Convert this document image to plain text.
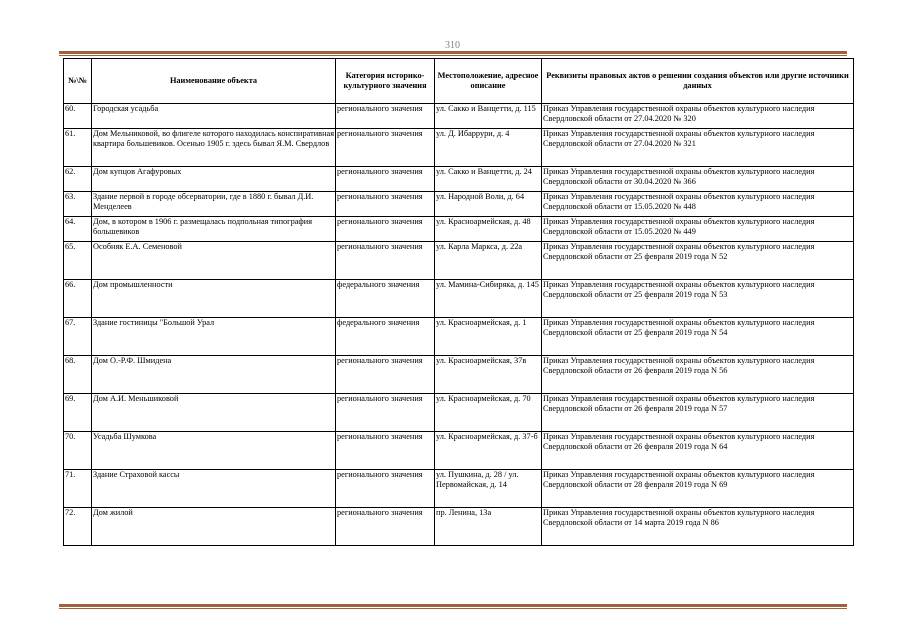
310
№\№	Наименование объекта	Категория историко-культурного значения	Местоположение, адресное описание	Реквизиты правовых актов о решении создания объектов или другие источники данных
60.	Городская усадьба	регионального значения	ул. Сакко и Ванцетти, д. 115	Приказ Управления государственной охраны объектов культурного наследия Свердловской области от 27.04.2020 № 320
61.	Дом Мельниковой, во флигеле которого находилась конспиративная квартира большевиков. Осенью 1905 г. здесь бывал Я.М. Свердлов	регионального значения	ул. Д. Ибаррури, д. 4	Приказ Управления государственной охраны объектов культурного наследия Свердловской области от 27.04.2020 № 321
62.	Дом купцов Агафуровых	регионального значения	ул. Сакко и Ванцетти, д. 24	Приказ Управления государственной охраны объектов культурного наследия Свердловской области от 30.04.2020 № 366
63.	Здание первой в городе обсерватории, где в 1880 г. бывал Д.И. Менделеев	регионального значения	ул. Народной Воли, д. 64	Приказ Управления государственной охраны объектов культурного наследия Свердловской области от 15.05.2020 № 448
64.	Дом, в котором в 1906 г. размещалась подпольная типография большевиков	регионального значения	ул. Красноармейская, д. 48	Приказ Управления государственной охраны объектов культурного наследия Свердловской области от 15.05.2020 № 449
65.	Особняк Е.А. Семеновой	регионального значения	ул. Карла Маркса, д. 22а	Приказ Управления государственной охраны объектов культурного наследия Свердловской области от 25 февраля 2019 года N 52
66.	Дом промышленности	федерального значения	ул. Мамина-Сибиряка, д. 145	Приказ Управления государственной охраны объектов культурного наследия Свердловской области от 25 февраля 2019 года N 53
67.	Здание гостиницы "Большой Урал	федерального значения	ул. Красноармейская, д. 1	Приказ Управления государственной охраны объектов культурного наследия Свердловской области от 25 февраля 2019 года N 54
68.	Дом О.-Р.Ф. Шмидена	регионального значения	ул. Красноармейская, 37в	Приказ Управления государственной охраны объектов культурного наследия Свердловской области от 26 февраля 2019 года N 56
69.	Дом А.И. Меньшиковой	регионального значения	ул. Красноармейская, д. 70	Приказ Управления государственной охраны объектов культурного наследия Свердловской области от 26 февраля 2019 года N 57
70.	Усадьба Шумкова	регионального значения	ул. Красноармейская, д. 37-б	Приказ Управления государственной охраны объектов культурного наследия Свердловской области от 26 февраля 2019 года N 64
71.	Здание Страховой кассы	регионального значения	ул. Пушкина, д. 28 / ул. Первомайская, д. 14	Приказ Управления государственной охраны объектов культурного наследия Свердловской области от 28 февраля 2019 года N 69
72.	Дом жилой	регионального значения	пр. Ленина, 13а	Приказ Управления государственной охраны объектов культурного наследия Свердловской области от 14 марта 2019 года N 86
